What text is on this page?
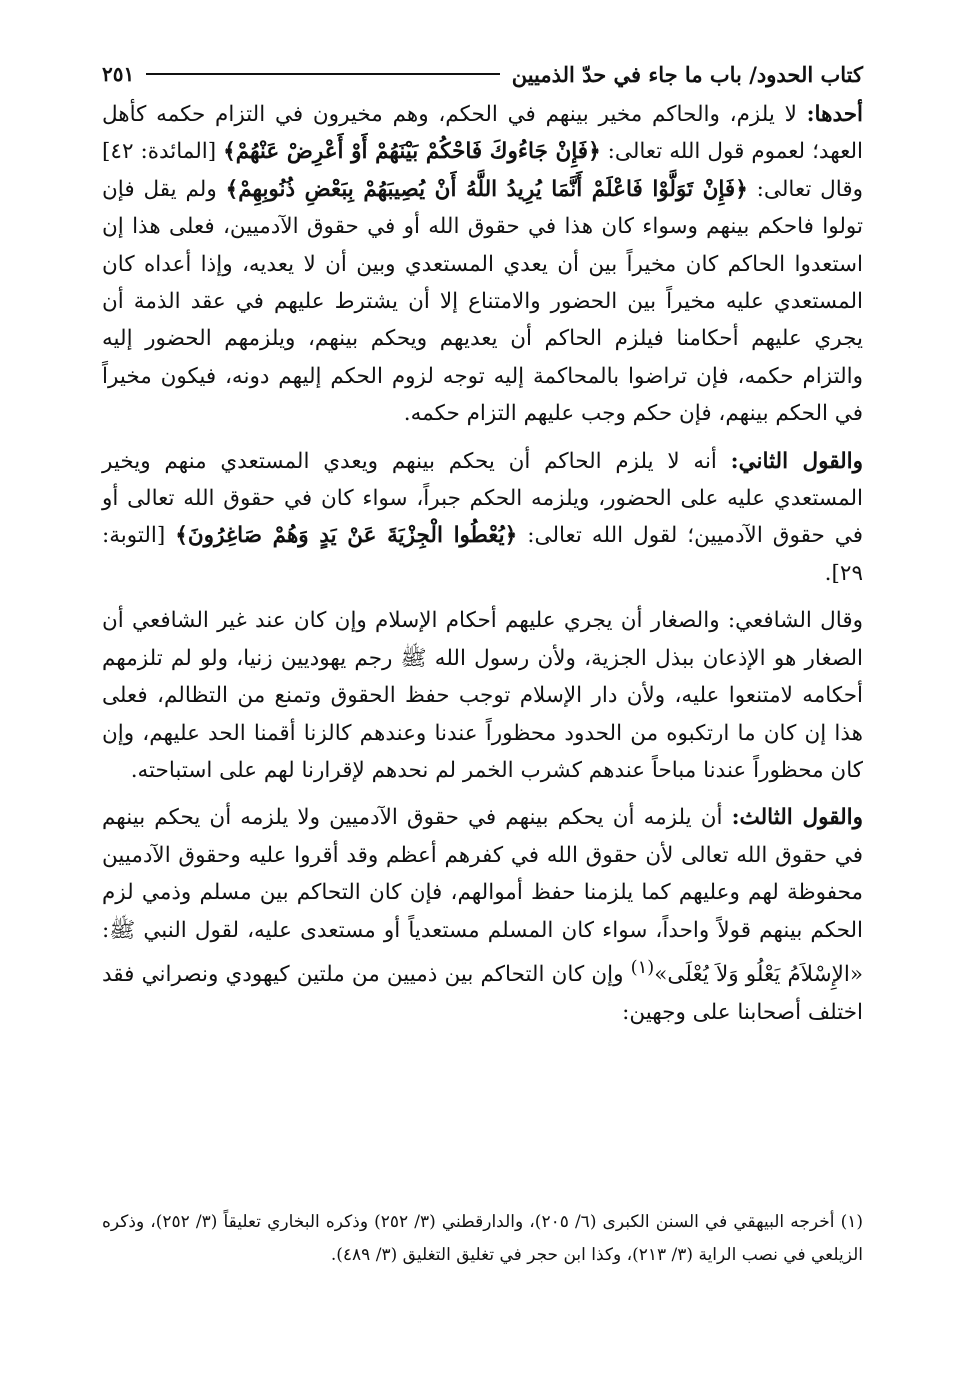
كتاب الحدود/ باب ما جاء في حدّ الذميين
٢٥١

أحدها: لا يلزم، والحاكم مخير بينهم في الحكم، وهم مخيرون في التزام حكمه كأهل العهد؛ لعموم قول الله تعالى: ﴿فَإِنْ جَاءُوكَ فَاحْكُمْ بَيْنَهُمْ أَوْ أَعْرِضْ عَنْهُمْ﴾ [المائدة: ٤٢] وقال تعالى: ﴿فَإِنْ تَوَلَّوْا فَاعْلَمْ أَنَّمَا يُرِيدُ اللَّهُ أَنْ يُصِيبَهُمْ بِبَعْضِ ذُنُوبِهِمْ﴾ ولم يقل فإن تولوا فاحكم بينهم وسواء كان هذا في حقوق الله أو في حقوق الآدميين، فعلى هذا إن استعدوا الحاكم كان مخيراً بين أن يعدي المستعدي وبين أن لا يعديه، وإذا أعداه كان المستعدي عليه مخيراً بين الحضور والامتناع إلا أن يشترط عليهم في عقد الذمة أن يجري عليهم أحكامنا فيلزم الحاكم أن يعديهم ويحكم بينهم، ويلزمهم الحضور إليه والتزام حكمه، فإن تراضوا بالمحاكمة إليه توجه لزوم الحكم إليهم دونه، فيكون مخيراً في الحكم بينهم، فإن حكم وجب عليهم التزام حكمه.

والقول الثاني: أنه لا يلزم الحاكم أن يحكم بينهم ويعدي المستعدي منهم ويخير المستعدي عليه على الحضور، ويلزمه الحكم جبراً، سواء كان في حقوق الله تعالى أو في حقوق الآدميين؛ لقول الله تعالى: ﴿يُعْطُوا الْجِزْيَةَ عَنْ يَدٍ وَهُمْ صَاغِرُونَ﴾ [التوبة: ٢٩].

وقال الشافعي: والصغار أن يجري عليهم أحكام الإسلام وإن كان عند غير الشافعي أن الصغار هو الإذعان ببذل الجزية، ولأن رسول الله ﷺ رجم يهوديين زنيا، ولو لم تلزمهم أحكامه لامتنعوا عليه، ولأن دار الإسلام توجب حفظ الحقوق وتمنع من التظالم، فعلى هذا إن كان ما ارتكبوه من الحدود محظوراً عندنا وعندهم كالزنا أقمنا الحد عليهم، وإن كان محظوراً عندنا مباحاً عندهم كشرب الخمر لم نحدهم لإقرارنا لهم على استباحته.

والقول الثالث: أن يلزمه أن يحكم بينهم في حقوق الآدميين ولا يلزمه أن يحكم بينهم في حقوق الله تعالى لأن حقوق الله في كفرهم أعظم وقد أقروا عليه وحقوق الآدميين محفوظة لهم وعليهم كما يلزمنا حفظ أموالهم، فإن كان التحاكم بين مسلم وذمي لزم الحكم بينهم قولاً واحداً، سواء كان المسلم مستعدياً أو مستعدى عليه، لقول النبي ﷺ: «الإِسْلاَمُ يَعْلُو وَلاَ يُعْلَى»$^{(١)}$ وإن كان التحاكم بين ذميين من ملتين كيهودي ونصراني فقد اختلف أصحابنا على وجهين:

(١) أخرجه البيهقي في السنن الكبرى (٦/ ٢٠٥)، والدارقطني (٣/ ٢٥٢) وذكره البخاري تعليقاً (٣/ ٢٥٢)، وذكره الزيلعي في نصب الراية (٣/ ٢١٣)، وكذا ابن حجر في تغليق التغليق (٣/ ٤٨٩).
